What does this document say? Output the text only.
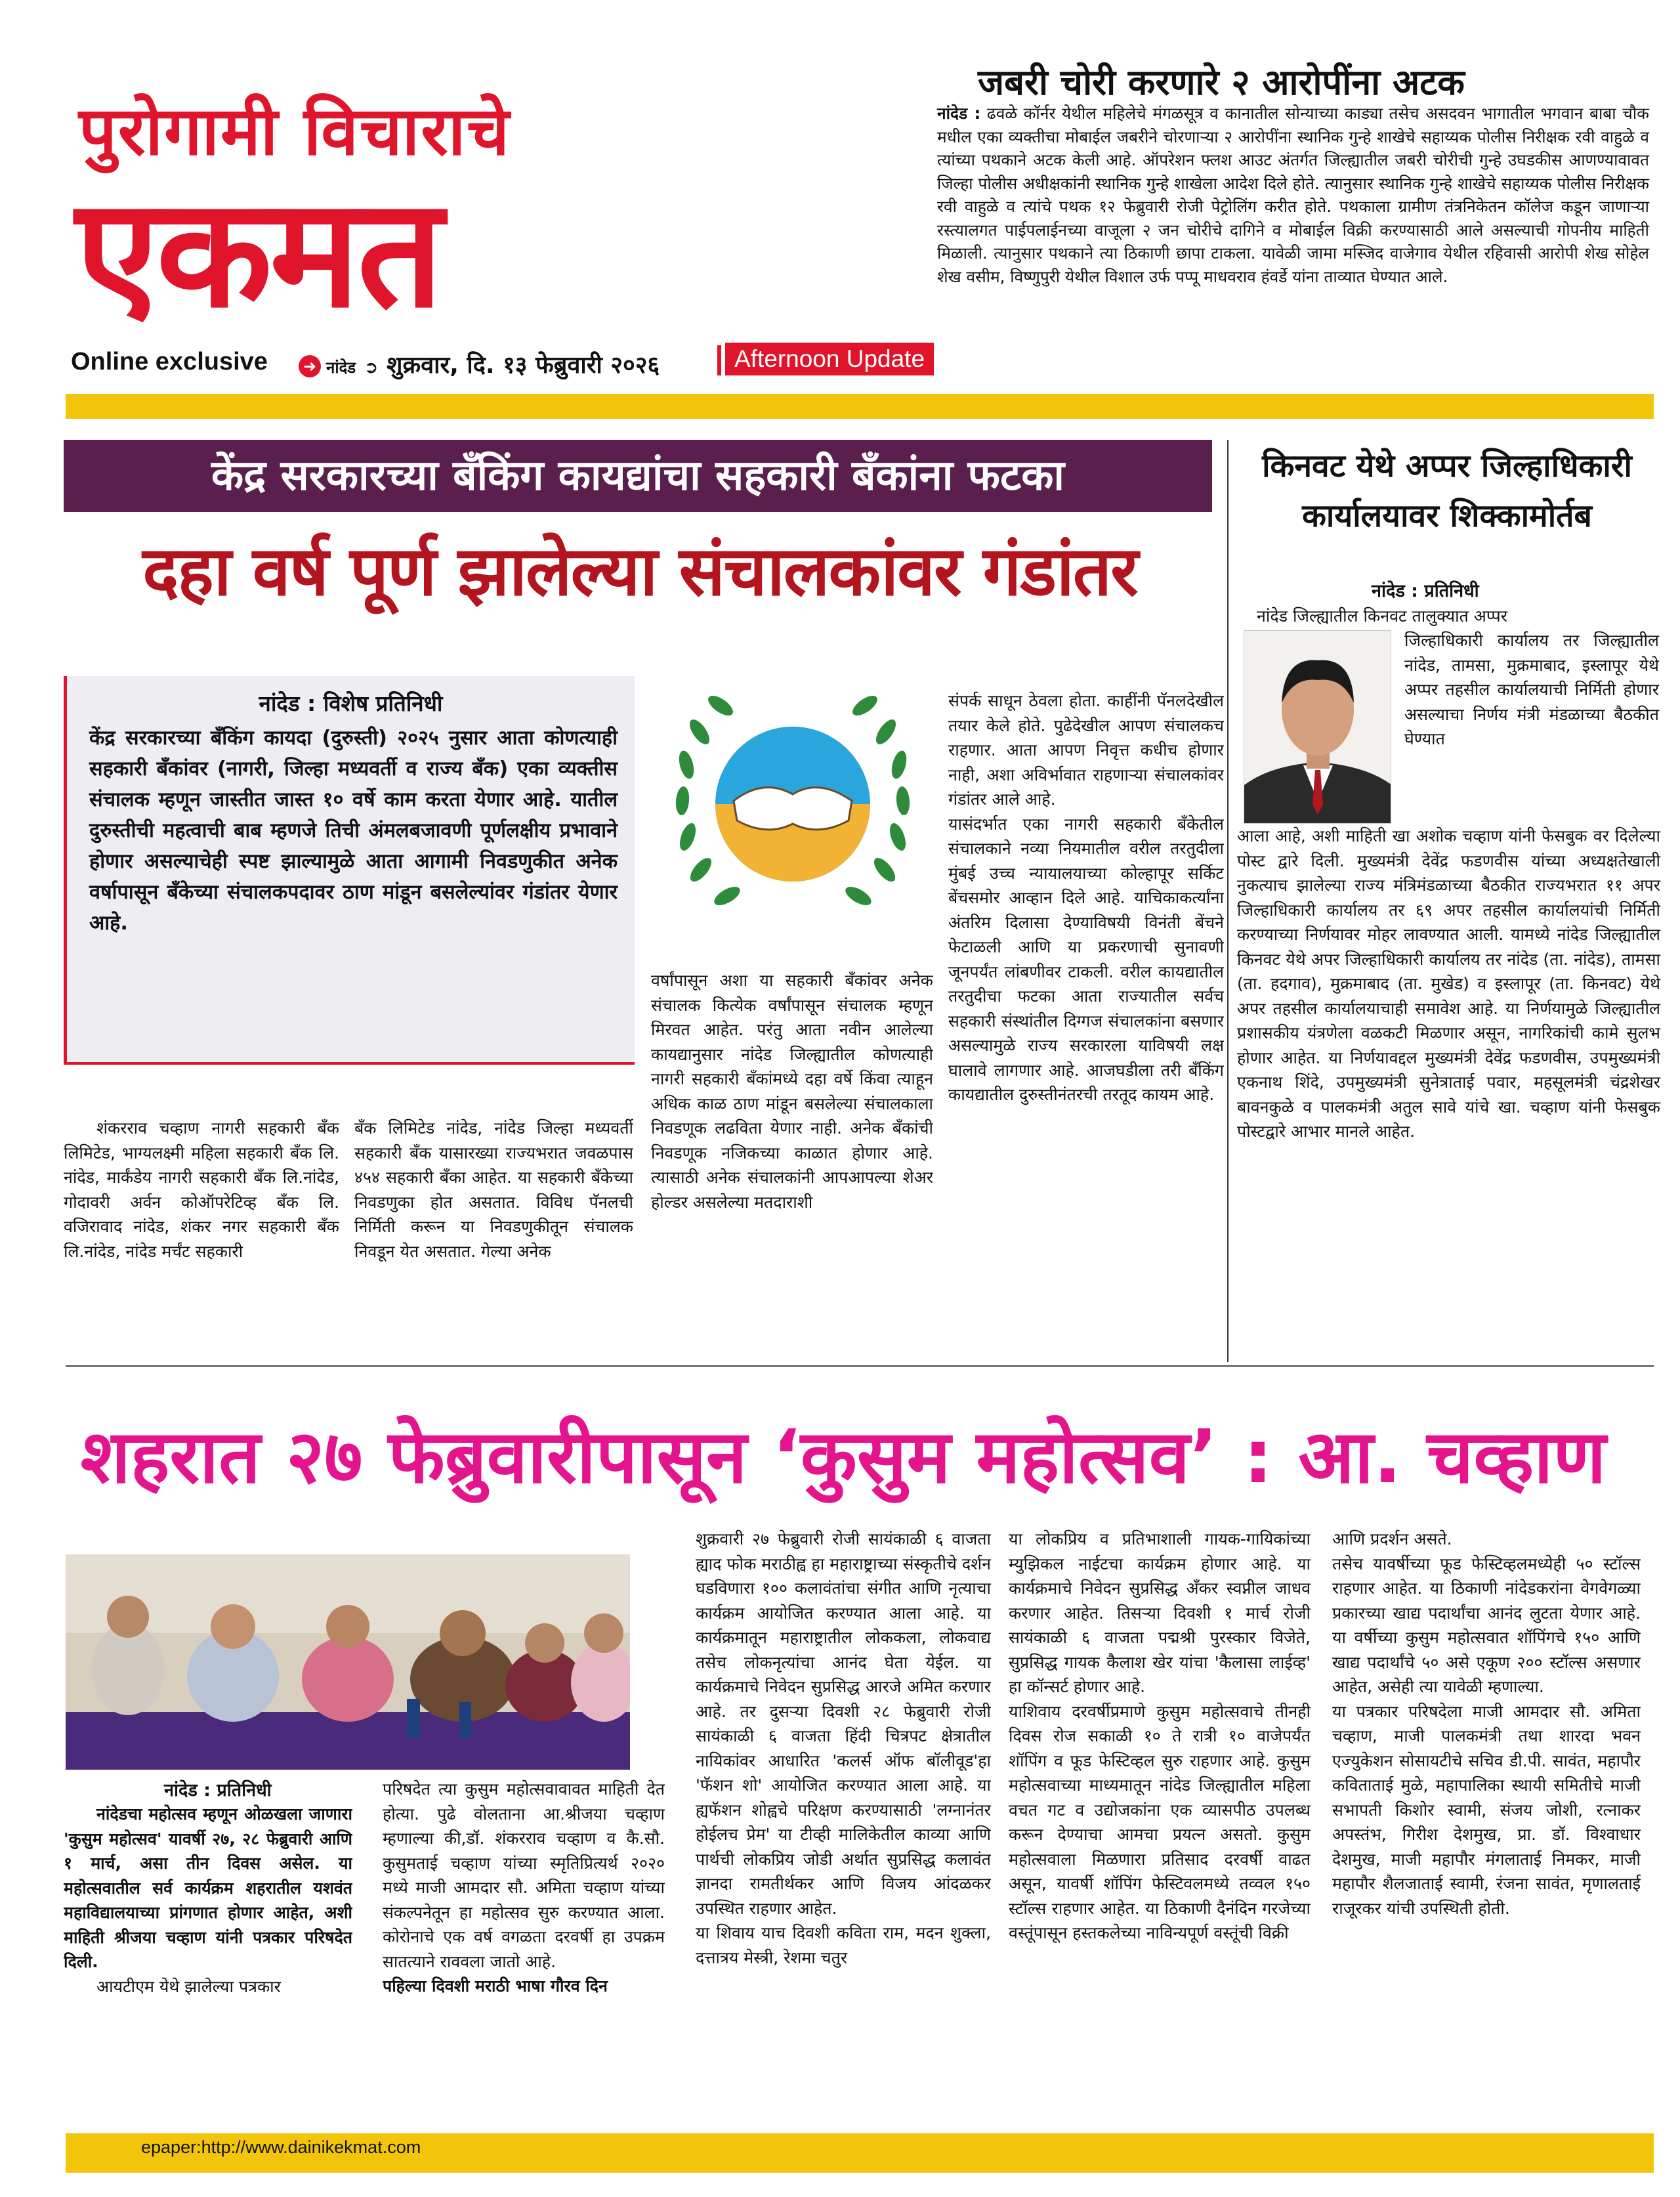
पुरोगामी विचाराचे
एकमत
Online exclusive ➜ नांदेड ➲ शुक्रवार, दि. १३ फेब्रुवारी २०२६	Afternoon Update
जबरी चोरी करणारे २ आरोपींना अटक

नांदेड : ढवळे कॉर्नर येथील महिलेचे मंगळसूत्र व कानातील सोन्याच्या काड्या तसेच असदवन भागातील भगवान बाबा चौक मधील एका व्यक्तीचा मोबाईल जबरीने चोरणाऱ्या २ आरोपींना स्थानिक गुन्हे शाखेचे सहाय्यक पोलीस निरीक्षक रवी वाहुळे व त्यांच्या पथकाने अटक केली आहे. ऑपरेशन फ्लश आउट अंतर्गत जिल्ह्यातील जबरी चोरीची गुन्हे उघडकीस आणण्यावावत जिल्हा पोलीस अधीक्षकांनी स्थानिक गुन्हे शाखेला आदेश दिले होते. त्यानुसार स्थानिक गुन्हे शाखेचे सहाय्यक पोलीस निरीक्षक रवी वाहुळे व त्यांचे पथक १२ फेब्रुवारी रोजी पेट्रोलिंग करीत होते. पथकाला ग्रामीण तंत्रनिकेतन कॉलेज कडून जाणाऱ्या रस्त्यालगत पाईपलाईनच्या वाजूला २ जन चोरीचे दागिने व मोबाईल विक्री करण्यासाठी आले असल्याची गोपनीय माहिती मिळाली. त्यानुसार पथकाने त्या ठिकाणी छापा टाकला. यावेळी जामा मस्जिद वाजेगाव येथील रहिवासी आरोपी शेख सोहेल शेख वसीम, विष्णुपुरी येथील विशाल उर्फ पप्पू माधवराव हंवर्डे यांना ताव्यात घेण्यात आले.

केंद्र सरकारच्या बँकिंग कायद्यांचा सहकारी बँकांना फटका
दहा वर्ष पूर्ण झालेल्या संचालकांवर गंडांतर
नांदेड : विशेष प्रतिनिधी
केंद्र सरकारच्या बँकिंग कायदा (दुरुस्ती) २०२५ नुसार आता कोणत्याही सहकारी बँकांवर (नागरी, जिल्हा मध्यवर्ती व राज्य बँक) एका व्यक्तीस संचालक म्हणून जास्तीत जास्त १० वर्षे काम करता येणार आहे. यातील दुरुस्तीची महत्वाची बाब म्हणजे तिची अंमलबजावणी पूर्णलक्षीय प्रभावाने होणार असल्याचेही स्पष्ट झाल्यामुळे आता आगामी निवडणुकीत अनेक वर्षापासून बँकेच्या संचालकपदावर ठाण मांडून बसलेल्यांवर गंडांतर येणार आहे.

शंकरराव चव्हाण नागरी सहकारी बँक लिमिटेड, भाग्यलक्ष्मी महिला सहकारी बँक लि. नांदेड, मार्कंडेय नागरी सहकारी बँक लि.नांदेड, गोदावरी अर्वन कोऑपरेटिव्ह बँक लि. वजिरावाद नांदेड, शंकर नगर सहकारी बँक लि.नांदेड, नांदेड मर्चंट सहकारी

बँक लिमिटेड नांदेड, नांदेड जिल्हा मध्यवर्ती सहकारी बँक यासारख्या राज्यभरात जवळपास ४५४ सहकारी बँका आहेत. या सहकारी बँकेच्या निवडणुका होत असतात. विविध पॅनलची निर्मिती करून या निवडणुकीतून संचालक निवडून येत असतात. गेल्या अनेक

वर्षांपासून अशा या सहकारी बँकांवर अनेक संचालक कित्येक वर्षांपासून संचालक म्हणून मिरवत आहेत. परंतु आता नवीन आलेल्या कायद्यानुसार नांदेड जिल्ह्यातील कोणत्याही नागरी सहकारी बँकांमध्ये दहा वर्षे किंवा त्याहून अधिक काळ ठाण मांडून बसलेल्या संचालकाला निवडणूक लढविता येणार नाही. अनेक बँकांची निवडणूक नजिकच्या काळात होणार आहे. त्यासाठी अनेक संचालकांनी आपआपल्या शेअर होल्डर असलेल्या मतदाराशी

संपर्क साधून ठेवला होता. काहींनी पॅनलदेखील तयार केले होते. पुढेदेखील आपण संचालकच राहणार. आता आपण निवृत्त कधीच होणार नाही, अशा अविर्भावात राहणाऱ्या संचालकांवर गंडांतर आले आहे.
यासंदर्भात एका नागरी सहकारी बँकेतील संचालकाने नव्या नियमातील वरील तरतुदीला मुंबई उच्च न्यायालयाच्या कोल्हापूर सर्किट बेंचसमोर आव्हान दिले आहे. याचिकाकर्त्यांना अंतरिम दिलासा देण्याविषयी विनंती बेंचने फेटाळली आणि या प्रकरणाची सुनावणी जूनपर्यंत लांबणीवर टाकली. वरील कायद्यातील तरतुदीचा फटका आता राज्यातील सर्वच सहकारी संस्थांतील दिग्गज संचालकांना बसणार असल्यामुळे राज्य सरकारला याविषयी लक्ष घालावे लागणार आहे. आजघडीला तरी बँकिंग कायद्यातील दुरुस्तीनंतरची तरतूद कायम आहे.

किनवट येथे अप्पर जिल्हाधिकारी कार्यालयावर शिक्कामोर्तब
नांदेड : प्रतिनिधी

नांदेड जिल्ह्यातील किनवट तालुक्यात अप्पर

जिल्हाधिकारी कार्यालय तर जिल्ह्यातील नांदेड, तामसा, मुक्रमाबाद, इस्लापूर येथे अप्पर तहसील कार्यालयाची निर्मिती होणार असल्याचा निर्णय मंत्री मंडळाच्या बैठकीत घेण्यात

आला आहे, अशी माहिती खा अशोक चव्हाण यांनी फेसबुक वर दिलेल्या पोस्ट द्वारे दिली. मुख्यमंत्री देवेंद्र फडणवीस यांच्या अध्यक्षतेखाली नुकत्याच झालेल्या राज्य मंत्रिमंडळाच्या बैठकीत राज्यभरात ११ अपर जिल्हाधिकारी कार्यालय तर ६९ अपर तहसील कार्यालयांची निर्मिती करण्याच्या निर्णयावर मोहर लावण्यात आली. यामध्ये नांदेड जिल्ह्यातील किनवट येथे अपर जिल्हाधिकारी कार्यालय तर नांदेड (ता. नांदेड), तामसा (ता. हदगाव), मुक्रमाबाद (ता. मुखेड) व इस्लापूर (ता. किनवट) येथे अपर तहसील कार्यालयाचाही समावेश आहे. या निर्णयामुळे जिल्ह्यातील प्रशासकीय यंत्रणेला वळकटी मिळणार असून, नागरिकांची कामे सुलभ होणार आहेत. या निर्णयावद्दल मुख्यमंत्री देवेंद्र फडणवीस, उपमुख्यमंत्री एकनाथ शिंदे, उपमुख्यमंत्री सुनेत्राताई पवार, महसूलमंत्री चंद्रशेखर बावनकुळे व पालकमंत्री अतुल सावे यांचे खा. चव्हाण यांनी फेसबुक पोस्टद्वारे आभार मानले आहेत.

शहरात २७ फेब्रुवारीपासून ‘कुसुम महोत्सव’ : आ. चव्हाण
नांदेड : प्रतिनिधी

नांदेडचा महोत्सव म्हणून ओळखला जाणारा 'कुसुम महोत्सव' यावर्षी २७, २८ फेब्रुवारी आणि १ मार्च, असा तीन दिवस असेल. या महोत्सवातील सर्व कार्यक्रम शहरातील यशवंत महाविद्यालयाच्या प्रांगणात होणार आहेत, अशी माहिती श्रीजया चव्हाण यांनी पत्रकार परिषदेत दिली.

आयटीएम येथे झालेल्या पत्रकार

परिषदेत त्या कुसुम महोत्सवावावत माहिती देत होत्या. पुढे वोलताना आ.श्रीजया चव्हाण म्हणाल्या की,डॉ. शंकरराव चव्हाण व कै.सौ. कुसुमताई चव्हाण यांच्या स्मृतिप्रित्यर्थ २०२० मध्ये माजी आमदार सौ. अमिता चव्हाण यांच्या संकल्पनेतून हा महोत्सव सुरु करण्यात आला. कोरोनाचे एक वर्ष वगळता दरवर्षी हा उपक्रम सातत्याने राववला जातो आहे.

पहिल्या दिवशी मराठी भाषा गौरव दिन

शुक्रवारी २७ फेब्रुवारी रोजी सायंकाळी ६ वाजता ह्याद फोक मराठीह्व हा महाराष्ट्राच्या संस्कृतीचे दर्शन घडविणारा १०० कलावंतांचा संगीत आणि नृत्याचा कार्यक्रम आयोजित करण्यात आला आहे. या कार्यक्रमातून महाराष्ट्रातील लोककला, लोकवाद्य तसेच लोकनृत्यांचा आनंद घेता येईल. या कार्यक्रमाचे निवेदन सुप्रसिद्ध आरजे अमित करणार आहे. तर दुसऱ्या दिवशी २८ फेब्रुवारी रोजी सायंकाळी ६ वाजता हिंदी चित्रपट क्षेत्रातील नायिकांवर आधारित 'कलर्स ऑफ बॉलीवूड'हा 'फॅशन शो' आयोजित करण्यात आला आहे. या ह्यफॅशन शोह्वचे परिक्षण करण्यासाठी 'लग्नानंतर होईलच प्रेम' या टीव्ही मालिकेतील काव्या आणि पार्थची लोकप्रिय जोडी अर्थात सुप्रसिद्ध कलावंत ज्ञानदा रामतीर्थकर आणि विजय आंदळकर उपस्थित राहणार आहेत.
या शिवाय याच दिवशी कविता राम, मदन शुक्ला, दत्तात्रय मेस्त्री, रेशमा चतुर

या लोकप्रिय व प्रतिभाशाली गायक-गायिकांच्या म्युझिकल नाईटचा कार्यक्रम होणार आहे. या कार्यक्रमाचे निवेदन सुप्रसिद्ध अँकर स्वप्नील जाधव करणार आहेत. तिसऱ्या दिवशी १ मार्च रोजी सायंकाळी ६ वाजता पद्मश्री पुरस्कार विजेते, सुप्रसिद्ध गायक कैलाश खेर यांचा 'कैलासा लाईव्ह' हा कॉन्सर्ट होणार आहे.
याशिवाय दरवर्षीप्रमाणे कुसुम महोत्सवाचे तीनही दिवस रोज सकाळी १० ते रात्री १० वाजेपर्यंत शॉपिंग व फूड फेस्टिव्हल सुरु राहणार आहे. कुसुम महोत्सवाच्या माध्यमातून नांदेड जिल्ह्यातील महिला वचत गट व उद्योजकांना एक व्यासपीठ उपलब्ध करून देण्याचा आमचा प्रयत्न असतो. कुसुम महोत्सवाला मिळणारा प्रतिसाद दरवर्षी वाढत असून, यावर्षी शॉपिंग फेस्टिवलमध्ये तव्वल १५० स्टॉल्स राहणार आहेत. या ठिकाणी दैनंदिन गरजेच्या वस्तूंपासून हस्तकलेच्या नाविन्यपूर्ण वस्तूंची विक्री

आणि प्रदर्शन असते.
तसेच यावर्षीच्या फूड फेस्टिव्हलमध्येही ५० स्टॉल्स राहणार आहेत. या ठिकाणी नांदेडकरांना वेगवेगळ्या प्रकारच्या खाद्य पदार्थांचा आनंद लुटता येणार आहे. या वर्षीच्या कुसुम महोत्सवात शॉपिंगचे १५० आणि खाद्य पदार्थांचे ५० असे एकूण २०० स्टॉल्स असणार आहेत, असेही त्या यावेळी म्हणाल्या.
या पत्रकार परिषदेला माजी आमदार सौ. अमिता चव्हाण, माजी पालकमंत्री तथा शारदा भवन एज्युकेशन सोसायटीचे सचिव डी.पी. सावंत, महापौर कविताताई मुळे, महापालिका स्थायी समितीचे माजी सभापती किशोर स्वामी, संजय जोशी, रत्नाकर अपस्तंभ, गिरीश देशमुख, प्रा. डॉ. विश्वाधार देशमुख, माजी महापौर मंगलाताई निमकर, माजी महापौर शैलजाताई स्वामी, रंजना सावंत, मृणालताई राजूरकर यांची उपस्थिती होती.

epaper:http://www.dainikekmat.com
